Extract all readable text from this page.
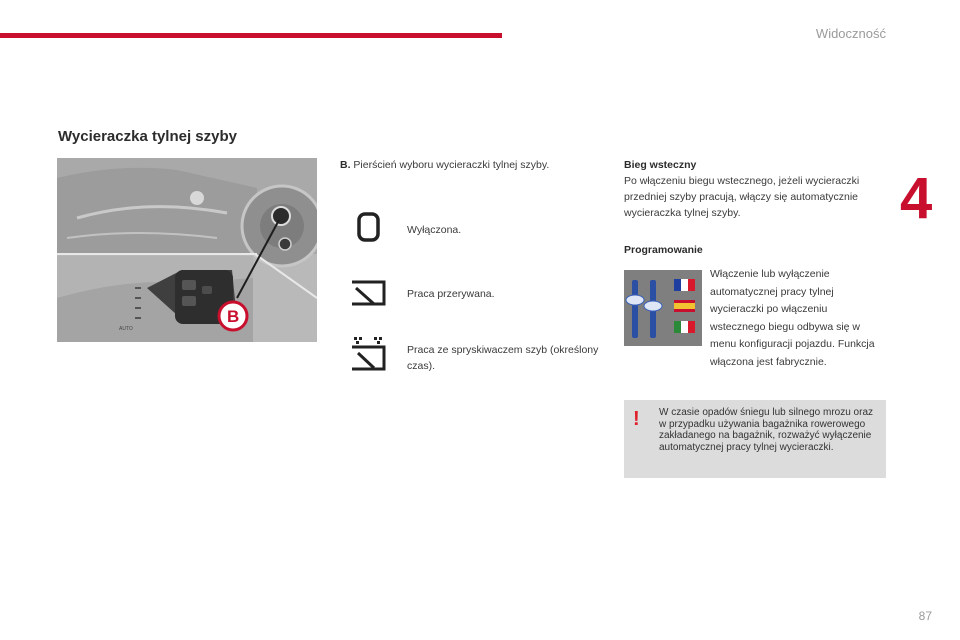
Widoczność
4
Wycieraczka tylnej szyby
AUTO
B
B. Pierścień wyboru wycieraczki tylnej szyby.
Wyłączona.
Praca przerywana.
Praca ze spryskiwaczem szyb (określony czas).
Bieg wsteczny

Po włączeniu biegu wstecznego, jeżeli wycieraczki przedniej szyby pracują, włączy się automatycznie wycieraczka tylnej szyby.

Programowanie
Włączenie lub wyłączenie automatycznej pracy tylnej wycieraczki po włączeniu wstecznego biegu odbywa się w menu konfiguracji pojazdu. Funkcja włączona jest fabrycznie.
! W czasie opadów śniegu lub silnego mrozu oraz w przypadku używania bagażnika rowerowego zakładanego na bagażnik, rozważyć wyłączenie automatycznej pracy tylnej wycieraczki.
87
